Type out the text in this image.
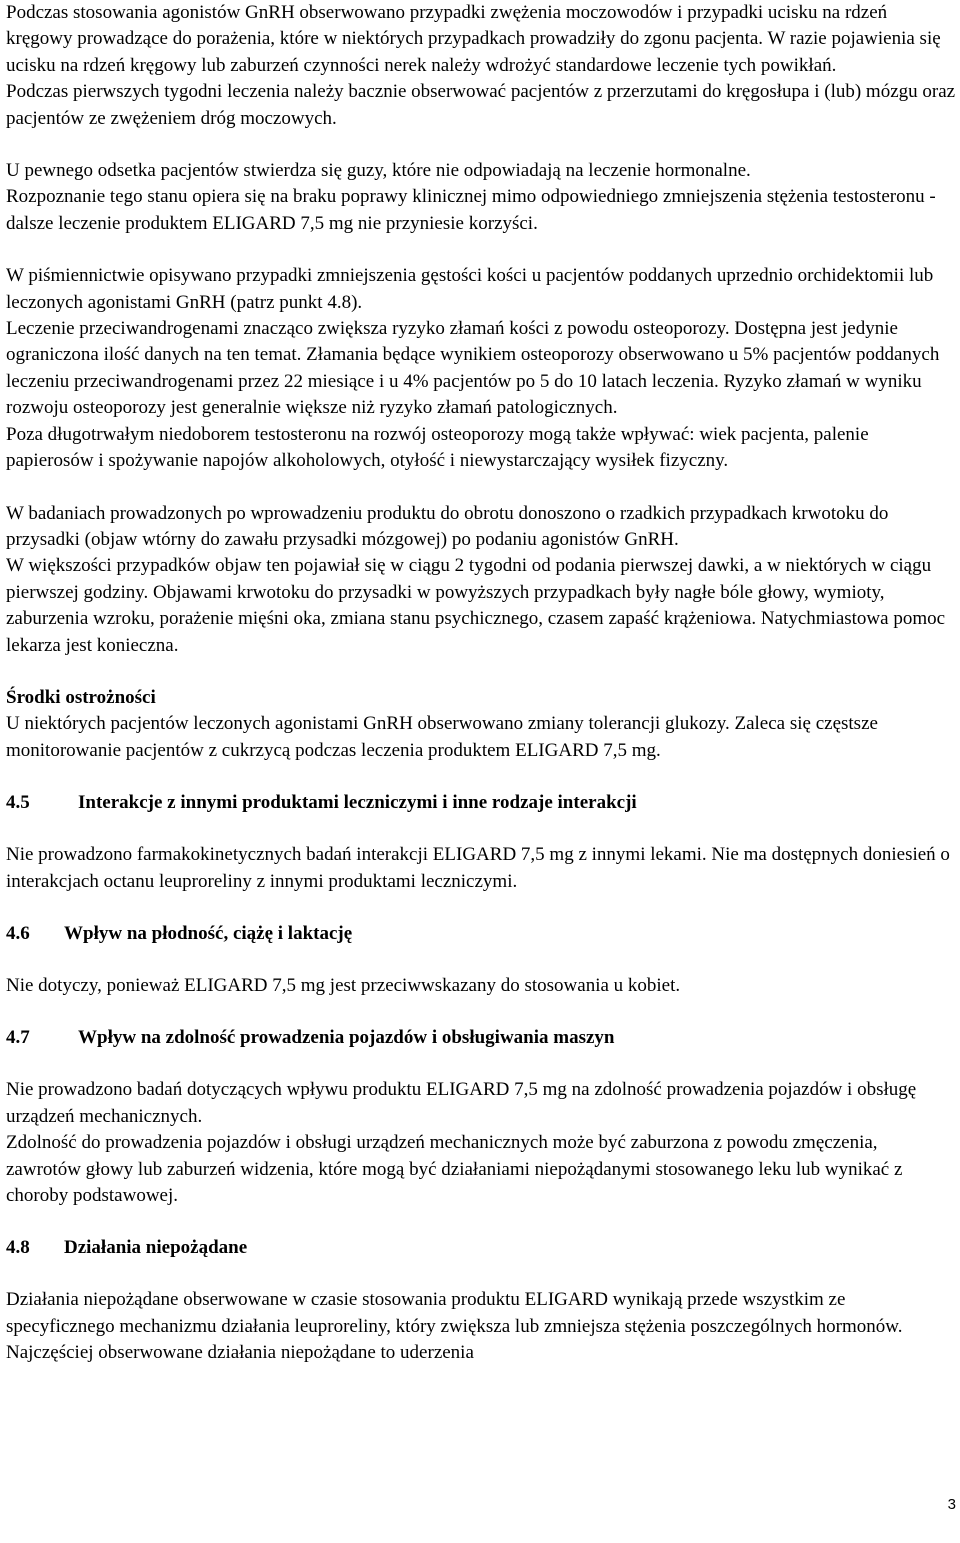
Podczas stosowania agonistów GnRH obserwowano przypadki zwężenia moczowodów i przypadki ucisku na rdzeń kręgowy prowadzące do porażenia, które w niektórych przypadkach prowadziły do zgonu pacjenta. W razie pojawienia się ucisku na rdzeń kręgowy lub zaburzeń czynności nerek należy wdrożyć standardowe leczenie tych powikłań.

Podczas pierwszych tygodni leczenia należy bacznie obserwować pacjentów z przerzutami do kręgosłupa i (lub) mózgu oraz pacjentów ze zwężeniem dróg moczowych.

U pewnego odsetka pacjentów stwierdza się guzy, które nie odpowiadają na leczenie hormonalne.

Rozpoznanie tego stanu opiera się na braku poprawy klinicznej mimo odpowiedniego zmniejszenia stężenia testosteronu - dalsze leczenie produktem ELIGARD 7,5 mg nie przyniesie korzyści.

W piśmiennictwie opisywano przypadki zmniejszenia gęstości kości u pacjentów poddanych uprzednio orchidektomii lub leczonych agonistami GnRH (patrz punkt 4.8).

Leczenie przeciwandrogenami znacząco zwiększa ryzyko złamań kości z powodu osteoporozy. Dostępna jest jedynie ograniczona ilość danych na ten temat. Złamania będące wynikiem osteoporozy obserwowano u 5% pacjentów poddanych leczeniu przeciwandrogenami przez 22 miesiące i u 4% pacjentów po 5 do 10 latach leczenia. Ryzyko złamań w wyniku rozwoju osteoporozy jest generalnie większe niż ryzyko złamań patologicznych.

Poza długotrwałym niedoborem testosteronu na rozwój osteoporozy mogą także wpływać: wiek pacjenta, palenie papierosów i spożywanie napojów alkoholowych, otyłość i niewystarczający wysiłek fizyczny.

W badaniach prowadzonych po wprowadzeniu produktu do obrotu donoszono o rzadkich przypadkach krwotoku do przysadki (objaw wtórny do zawału przysadki mózgowej) po podaniu agonistów GnRH.

W większości przypadków objaw ten pojawiał się w ciągu 2 tygodni od podania pierwszej dawki, a w niektórych w ciągu pierwszej godziny. Objawami krwotoku do przysadki w powyższych przypadkach były nagłe bóle głowy, wymioty, zaburzenia wzroku, porażenie mięśni oka, zmiana stanu psychicznego, czasem zapaść krążeniowa. Natychmiastowa pomoc lekarza jest konieczna.

Środki ostrożności

U niektórych pacjentów leczonych agonistami GnRH obserwowano zmiany tolerancji glukozy. Zaleca się częstsze monitorowanie pacjentów z cukrzycą podczas leczenia produktem ELIGARD 7,5 mg.

4.5	Interakcje z innymi produktami leczniczymi i inne rodzaje interakcji

Nie prowadzono farmakokinetycznych badań interakcji ELIGARD 7,5 mg z innymi lekami. Nie ma dostępnych doniesień o interakcjach octanu leuproreliny z innymi produktami leczniczymi.

4.6	Wpływ na płodność, ciążę i laktację

Nie dotyczy, ponieważ ELIGARD 7,5 mg jest przeciwwskazany do stosowania u kobiet.

4.7	Wpływ na zdolność prowadzenia pojazdów i obsługiwania maszyn

Nie prowadzono badań dotyczących wpływu produktu ELIGARD 7,5 mg na zdolność prowadzenia pojazdów i obsługę urządzeń mechanicznych.

Zdolność do prowadzenia pojazdów i obsługi urządzeń mechanicznych może być zaburzona z powodu zmęczenia, zawrotów głowy lub zaburzeń widzenia, które mogą być działaniami niepożądanymi stosowanego leku lub wynikać z choroby podstawowej.

4.8	Działania niepożądane

Działania niepożądane obserwowane w czasie stosowania produktu ELIGARD wynikają przede wszystkim ze specyficznego mechanizmu działania leuproreliny, który zwiększa lub zmniejsza stężenia poszczególnych hormonów. Najczęściej obserwowane działania niepożądane to uderzenia

3
